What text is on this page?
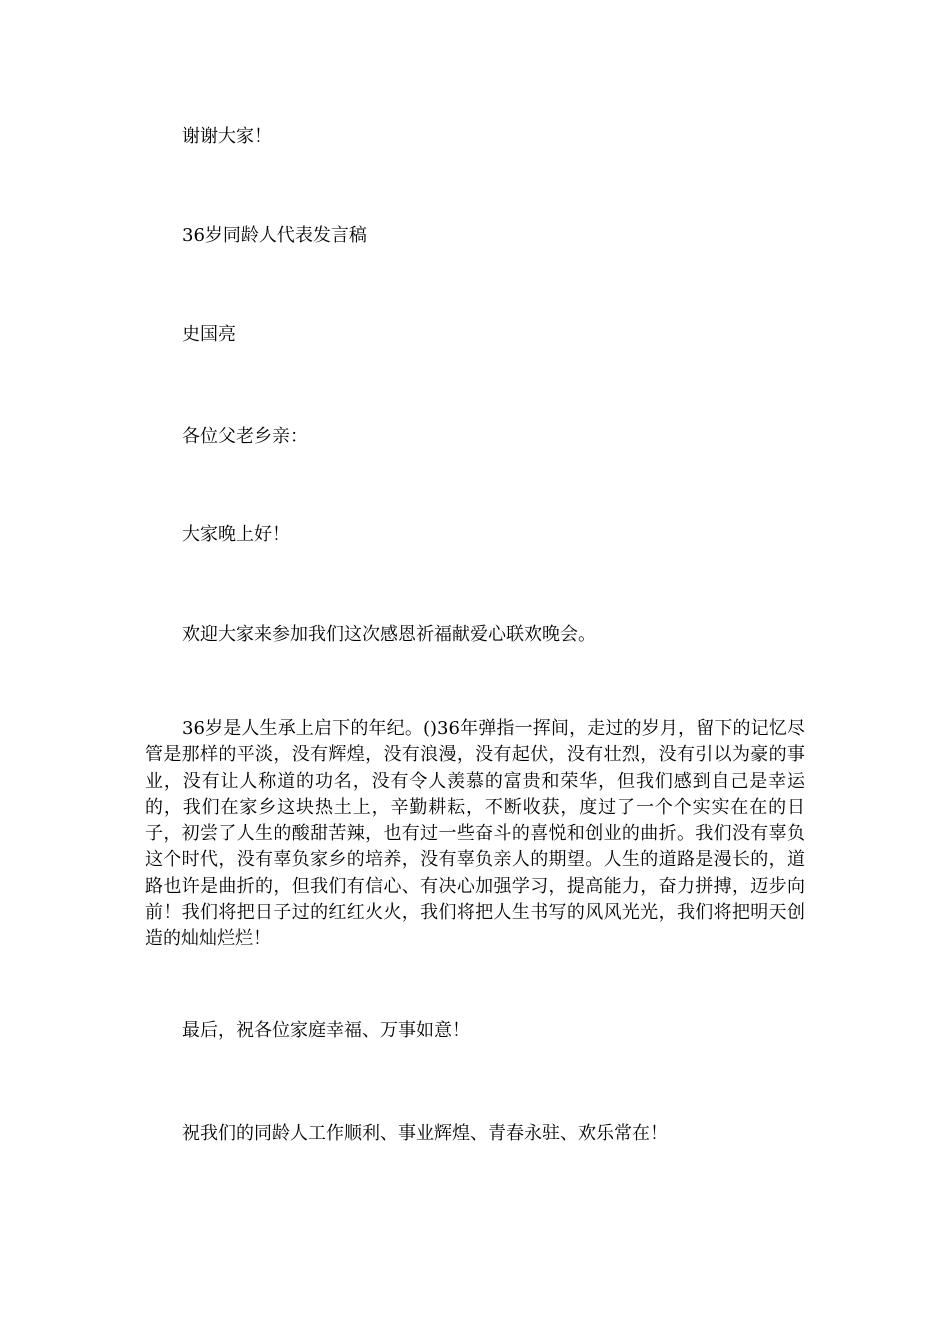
谢谢大家！

36岁同龄人代表发言稿

史国亮

各位父老乡亲：

大家晚上好！

欢迎大家来参加我们这次感恩祈福献爱心联欢晚会。

36岁是人生承上启下的年纪。()36年弹指一挥间，走过的岁月，留下的记忆尽管是那样的平淡，没有辉煌，没有浪漫，没有起伏，没有壮烈，没有引以为豪的事业，没有让人称道的功名，没有令人羡慕的富贵和荣华，但我们感到自己是幸运的，我们在家乡这块热土上，辛勤耕耘，不断收获，度过了一个个实实在在的日子，初尝了人生的酸甜苦辣，也有过一些奋斗的喜悦和创业的曲折。我们没有辜负这个时代，没有辜负家乡的培养，没有辜负亲人的期望。人生的道路是漫长的，道路也许是曲折的，但我们有信心、有决心加强学习，提高能力，奋力拼搏，迈步向前！我们将把日子过的红红火火，我们将把人生书写的风风光光，我们将把明天创造的灿灿烂烂！

最后，祝各位家庭幸福、万事如意！

祝我们的同龄人工作顺利、事业辉煌、青春永驻、欢乐常在！
